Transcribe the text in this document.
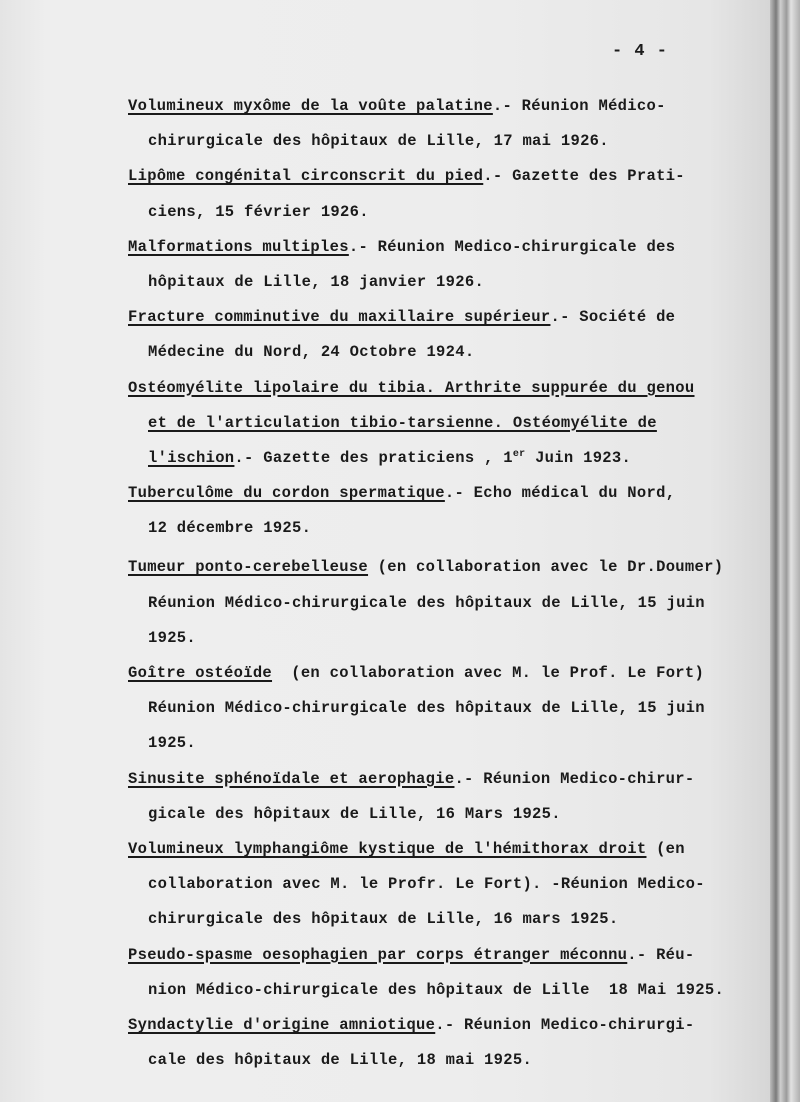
- 4 -
Volumineux myxôme de la voûte palatine.- Réunion Médico-
chirurgicale des hôpitaux de Lille, 17 mai 1926.
Lipôme congénital circonscrit du pied.- Gazette des Prati-
ciens, 15 février 1926.
Malformations multiples.- Réunion Medico-chirurgicale des
hôpitaux de Lille, 18 janvier 1926.
Fracture comminutive du maxillaire supérieur.- Société de
Médecine du Nord, 24 Octobre 1924.
Ostéomyélite lipolaire du tibia. Arthrite suppurée du genou
et de l'articulation tibio-tarsienne. Ostéomyélite de
l'ischion.- Gazette des praticiens , 1er Juin 1923.
Tuberculôme du cordon spermatique.- Echo médical du Nord,
12 décembre 1925.
Tumeur ponto-cerebelleuse (en collaboration avec le Dr.Doumer)
Réunion Médico-chirurgicale des hôpitaux de Lille, 15 juin
1925.
Goître ostéoïde  (en collaboration avec M. le Prof. Le Fort)
Réunion Médico-chirurgicale des hôpitaux de Lille, 15 juin
1925.
Sinusite sphénoïdale et aerophagie.- Réunion Medico-chirur-
gicale des hôpitaux de Lille, 16 Mars 1925.
Volumineux lymphangiôme kystique de l'hémithorax droit (en
collaboration avec M. le Profr. Le Fort). -Réunion Medico-
chirurgicale des hôpitaux de Lille, 16 mars 1925.
Pseudo-spasme oesophagien par corps étranger méconnu.- Réu-
nion Médico-chirurgicale des hôpitaux de Lille  18 Mai 1925.
Syndactylie d'origine amniotique.- Réunion Medico-chirurgi-
cale des hôpitaux de Lille, 18 mai 1925.
